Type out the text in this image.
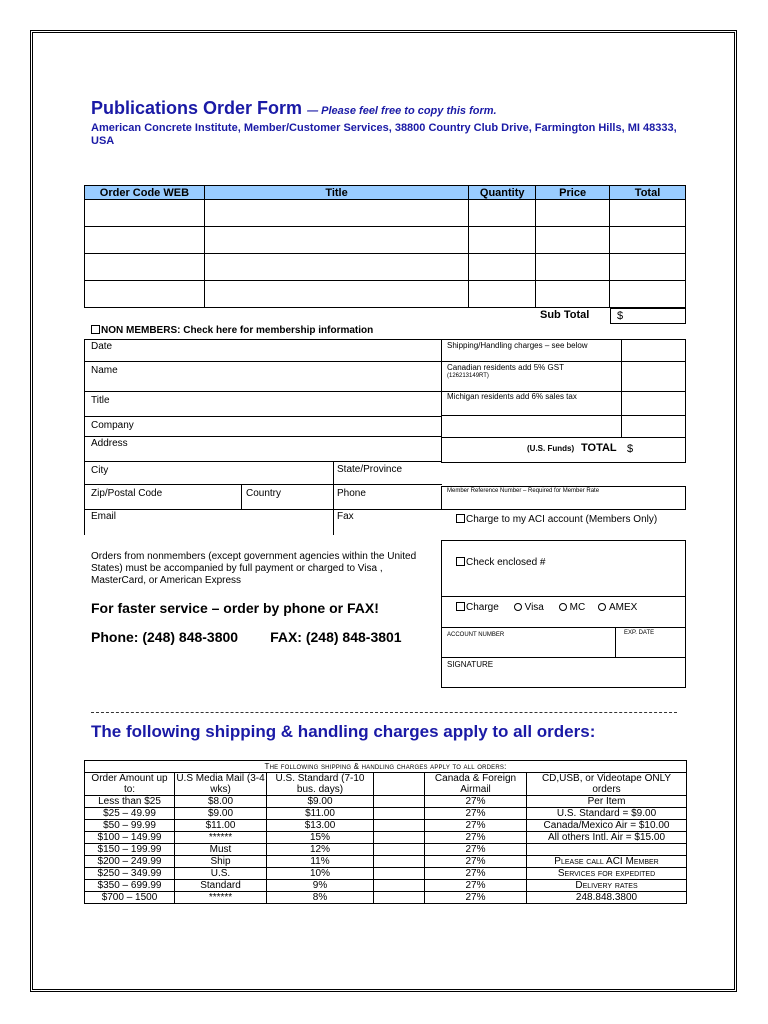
Publications Order Form — Please feel free to copy this form.
American Concrete Institute, Member/Customer Services, 38800 Country Club Drive, Farmington Hills, MI 48333, USA
Order Code WEB	Title	Quantity	Price	Total

Sub Total	$
NON MEMBERS: Check here for membership information
Date
Name
Title
Company
Address
City	State/Province
Zip/Postal Code	Country	Phone
Email	Fax
Shipping/Handling charges – see below
Canadian residents add 5% GST
(126213149RT)
Michigan residents add 6% sales tax
(U.S. Funds) TOTAL $
Member Reference Number – Required for Member Rate
Charge to my ACI account (Members Only)
Check enclosed #
Charge	Visa	MC AMEX
ACCOUNT NUMBER	EXP. DATE
SIGNATURE
Orders from nonmembers (except government agencies within the United States) must be accompanied by full payment or charged to Visa , MasterCard, or American Express
For faster service – order by phone or FAX!
Phone: (248) 848-3800 FAX: (248) 848-3801
The following shipping & handling charges apply to all orders:
The following shipping & handling charges apply to all orders:					
Order Amount up to:	U.S Media Mail (3-4 wks)	U.S. Standard (7-10 bus. days)		Canada & Foreign Airmail	CD,USB, or Videotape ONLY orders
Less than $25	$8.00	$9.00		27%	Per Item
$25 – 49.99	$9.00	$11.00		27%	U.S. Standard = $9.00
$50 – 99.99	$11.00	$13.00		27%	Canada/Mexico Air = $10.00
$100 – 149.99	******	15%		27%	All others Intl. Air = $15.00
$150 – 199.99	Must	12%		27%	
$200 – 249.99	Ship	11%		27%	Please call ACI Member
$250 – 349.99	U.S.	10%		27%	Services for expedited
$350 – 699.99	Standard	9%		27%	Delivery rates
$700 – 1500	******	8%		27%	248.848.3800
